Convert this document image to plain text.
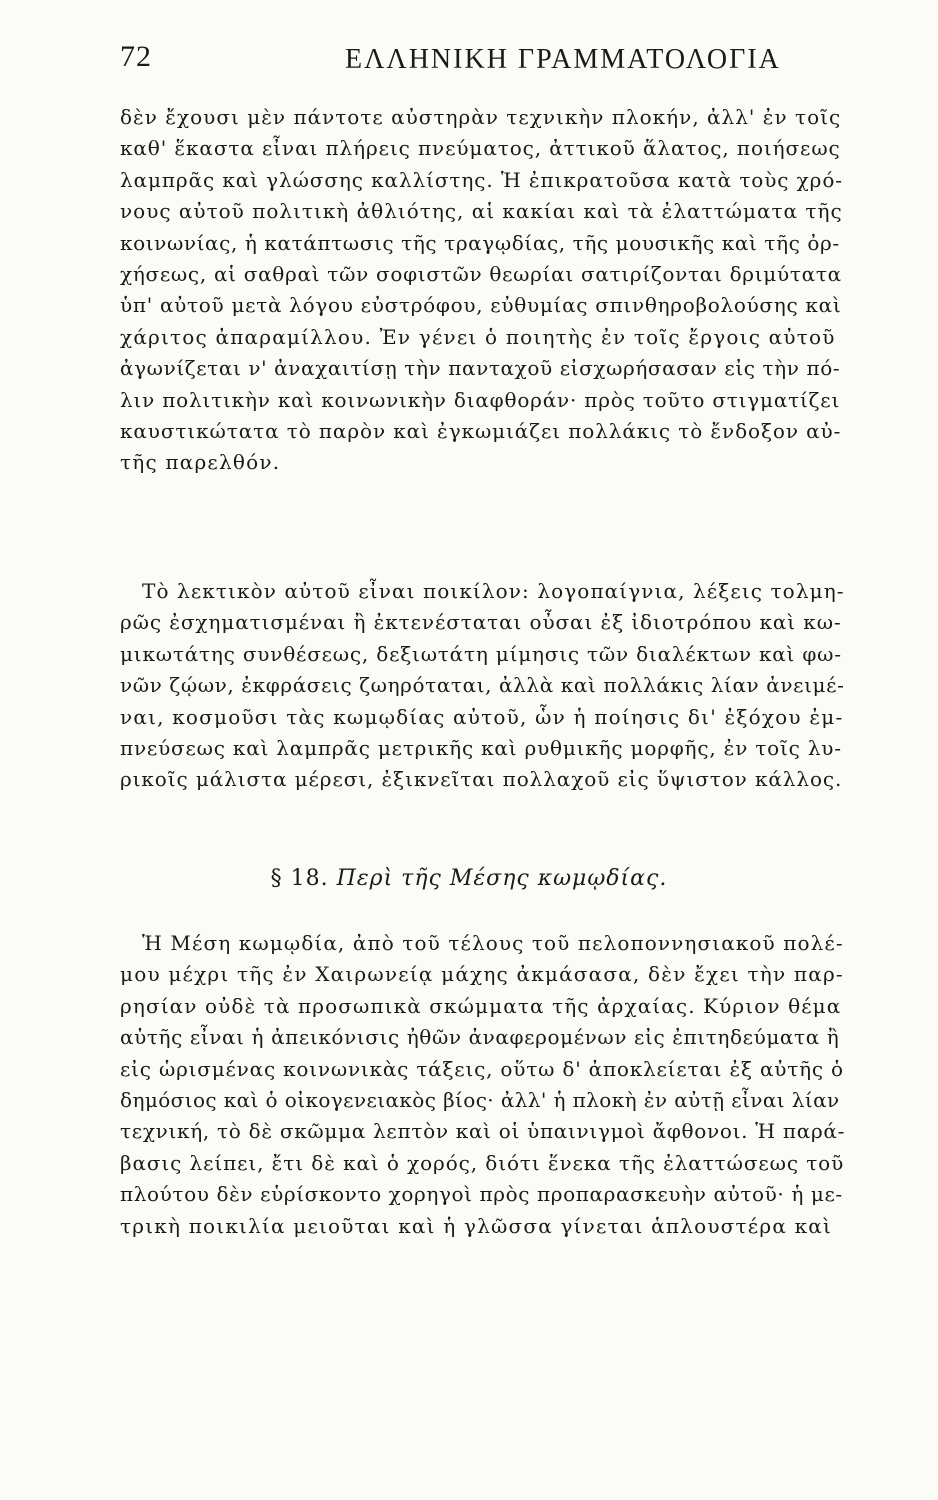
72	ΕΛΛΗΝΙΚΗ ΓΡΑΜΜΑΤΟΛΟΓΙΑ
δὲν ἔχουσι μὲν πάντοτε αὐστηρὰν τεχνικὴν πλοκήν, ἀλλ' ἐν τοῖς
καθ' ἕκαστα εἶναι πλήρεις πνεύματος, ἀττικοῦ ἅλατος, ποιήσεως
λαμπρᾶς καὶ γλώσσης καλλίστης. Ἡ ἐπικρατοῦσα κατὰ τοὺς χρό-
νους αὐτοῦ πολιτικὴ ἀθλιότης, αἱ κακίαι καὶ τὰ ἐλαττώματα τῆς
κοινωνίας, ἡ κατάπτωσις τῆς τραγῳδίας, τῆς μουσικῆς καὶ τῆς ὀρ-
χήσεως, αἱ σαθραὶ τῶν σοφιστῶν θεωρίαι σατιρίζονται δριμύτατα
ὑπ' αὐτοῦ μετὰ λόγου εὐστρόφου, εὐθυμίας σπινθηροβολούσης καὶ
χάριτος ἀπαραμίλλου. Ἐν γένει ὁ ποιητὴς ἐν τοῖς ἔργοις αὐτοῦ
ἀγωνίζεται ν' ἀναχαιτίσῃ τὴν πανταχοῦ εἰσχωρήσασαν εἰς τὴν πό-
λιν πολιτικὴν καὶ κοινωνικὴν διαφθοράν· πρὸς τοῦτο στιγματίζει
καυστικώτατα τὸ παρὸν καὶ ἐγκωμιάζει πολλάκις τὸ ἔνδοξον αὐ-
τῆς παρελθόν.
Τὸ λεκτικὸν αὐτοῦ εἶναι ποικίλον: λογοπαίγνια, λέξεις τολμη-
ρῶς ἐσχηματισμέναι ἢ ἐκτενέσταται οὖσαι ἐξ ἰδιοτρόπου καὶ κω-
μικωτάτης συνθέσεως, δεξιωτάτη μίμησις τῶν διαλέκτων καὶ φω-
νῶν ζῴων, ἐκφράσεις ζωηρόταται, ἀλλὰ καὶ πολλάκις λίαν ἀνειμέ-
ναι, κοσμοῦσι τὰς κωμῳδίας αὐτοῦ, ὧν ἡ ποίησις δι' ἐξόχου ἐμ-
πνεύσεως καὶ λαμπρᾶς μετρικῆς καὶ ρυθμικῆς μορφῆς, ἐν τοῖς λυ-
ρικοῖς μάλιστα μέρεσι, ἐξικνεῖται πολλαχοῦ εἰς ὕψιστον κάλλος.
§ 18. Περὶ τῆς Μέσης κωμῳδίας.
Ἡ Μέση κωμῳδία, ἀπὸ τοῦ τέλους τοῦ πελοποννησιακοῦ πολέ-
μου μέχρι τῆς ἐν Χαιρωνείᾳ μάχης ἀκμάσασα, δὲν ἔχει τὴν παρ-
ρησίαν οὐδὲ τὰ προσωπικὰ σκώμματα τῆς ἀρχαίας. Κύριον θέμα
αὐτῆς εἶναι ἡ ἀπεικόνισις ἠθῶν ἀναφερομένων εἰς ἐπιτηδεύματα ἢ
εἰς ὡρισμένας κοινωνικὰς τάξεις, οὕτω δ' ἀποκλείεται ἐξ αὐτῆς ὁ
δημόσιος καὶ ὁ οἰκογενειακὸς βίος· ἀλλ' ἡ πλοκὴ ἐν αὐτῇ εἶναι λίαν
τεχνική, τὸ δὲ σκῶμμα λεπτὸν καὶ οἱ ὑπαινιγμοὶ ἄφθονοι. Ἡ παρά-
βασις λείπει, ἔτι δὲ καὶ ὁ χορός, διότι ἕνεκα τῆς ἐλαττώσεως τοῦ
πλούτου δὲν εὑρίσκοντο χορηγοὶ πρὸς προπαρασκευὴν αὐτοῦ· ἡ με-
τρικὴ ποικιλία μειοῦται καὶ ἡ γλῶσσα γίνεται ἁπλουστέρα καὶ
